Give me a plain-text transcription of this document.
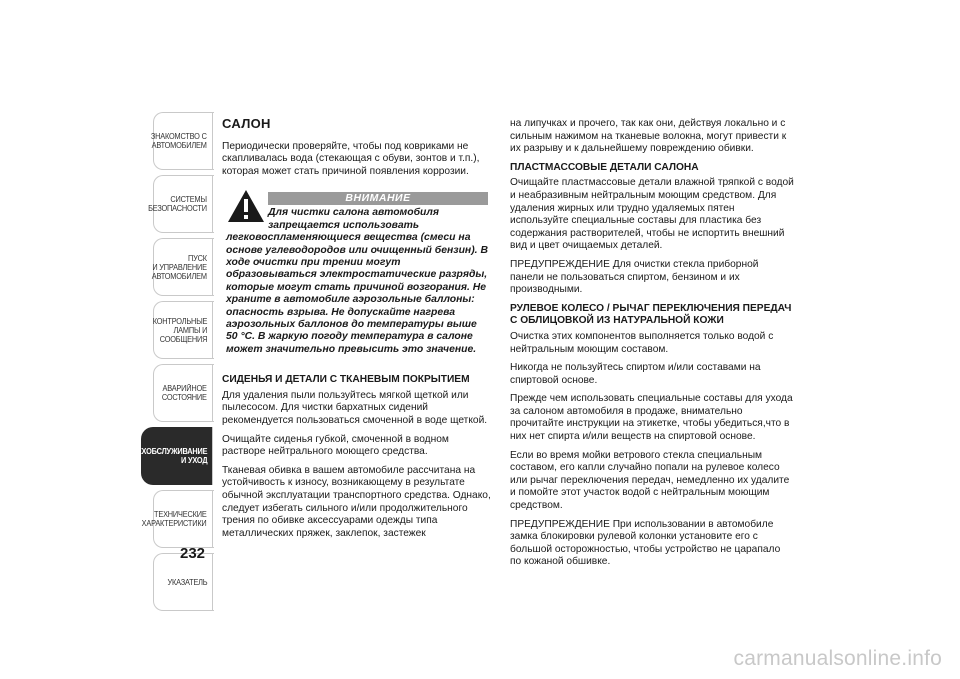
ЗНАКОМСТВО С
АВТОМОБИЛЕМ
СИСТЕМЫ
БЕЗОПАСНОСТИ
ПУСК
И УПРАВЛЕНИЕ
АВТОМОБИЛЕМ
КОНТРОЛЬНЫЕ
ЛАМПЫ И
СООБЩЕНИЯ
АВАРИЙНОЕ
СОСТОЯНИЕ
ТЕХОБСЛУЖИВАНИЕ
И УХОД
ТЕХНИЧЕСКИЕ
ХАРАКТЕРИСТИКИ
УКАЗАТЕЛЬ
232
САЛОН

Периодически проверяйте, чтобы под ковриками не скапливалась вода (стекающая с обуви, зонтов и т.п.), которая может стать причиной появления коррозии.

ВНИМАНИЕ
Для чистки салона автомобиля
запрещается использовать
легковоспламеняющиеся вещества (смеси на основе углеводородов или очищенный бензин). В ходе очистки при трении могут образовываться электростатические разряды, которые могут стать причиной возгорания. Не храните в автомобиле аэрозольные баллоны: опасность взрыва. Не допускайте нагрева аэрозольных баллонов до температуры выше 50 °С. В жаркую погоду температура в салоне может значительно превысить это значение.
СИДЕНЬЯ И ДЕТАЛИ С ТКАНЕВЫМ ПОКРЫТИЕМ

Для удаления пыли пользуйтесь мягкой щеткой или пылесосом. Для чистки бархатных сидений рекомендуется пользоваться смоченной в воде щеткой.

Очищайте сиденья губкой, смоченной в водном растворе нейтрального моющего средства.

Тканевая обивка в вашем автомобиле рассчитана на устойчивость к износу, возникающему в результате обычной эксплуатации транспортного средства. Однако, следует избегать сильного и/или продолжительного трения по обивке аксессуарами одежды типа металлических пряжек, заклепок, застежек

на липучках и прочего, так как они, действуя локально и с сильным нажимом на тканевые волокна, могут привести к их разрыву и к дальнейшему повреждению обивки.

ПЛАСТМАССОВЫЕ ДЕТАЛИ САЛОНА

Очищайте пластмассовые детали влажной тряпкой с водой и неабразивным нейтральным моющим средством. Для удаления жирных или трудно удаляемых пятен используйте специальные составы для пластика без содержания растворителей, чтобы не испортить внешний вид и цвет очищаемых деталей.

ПРЕДУПРЕЖДЕНИЕ Для очистки стекла приборной панели не пользоваться спиртом, бензином и их производными.

РУЛЕВОЕ КОЛЕСО / РЫЧАГ ПЕРЕКЛЮЧЕНИЯ ПЕРЕДАЧ С ОБЛИЦОВКОЙ ИЗ НАТУРАЛЬНОЙ КОЖИ

Очистка этих компонентов выполняется только водой с нейтральным моющим составом.

Никогда не пользуйтесь спиртом и/или составами на спиртовой основе.

Прежде чем использовать специальные составы для ухода за салоном автомобиля в продаже, внимательно прочитайте инструкции на этикетке, чтобы убедиться,что в них нет спирта и/или веществ на спиртовой основе.

Если во время мойки ветрового стекла специальным составом, его капли случайно попали на рулевое колесо или рычаг переключения передач, немедленно их удалите и помойте этот участок водой с нейтральным моющим средством.

ПРЕДУПРЕЖДЕНИЕ При использовании в автомобиле замка блокировки рулевой колонки установите его с большой осторожностью, чтобы устройство не царапало по кожаной обшивке.

carmanualsonline.info
